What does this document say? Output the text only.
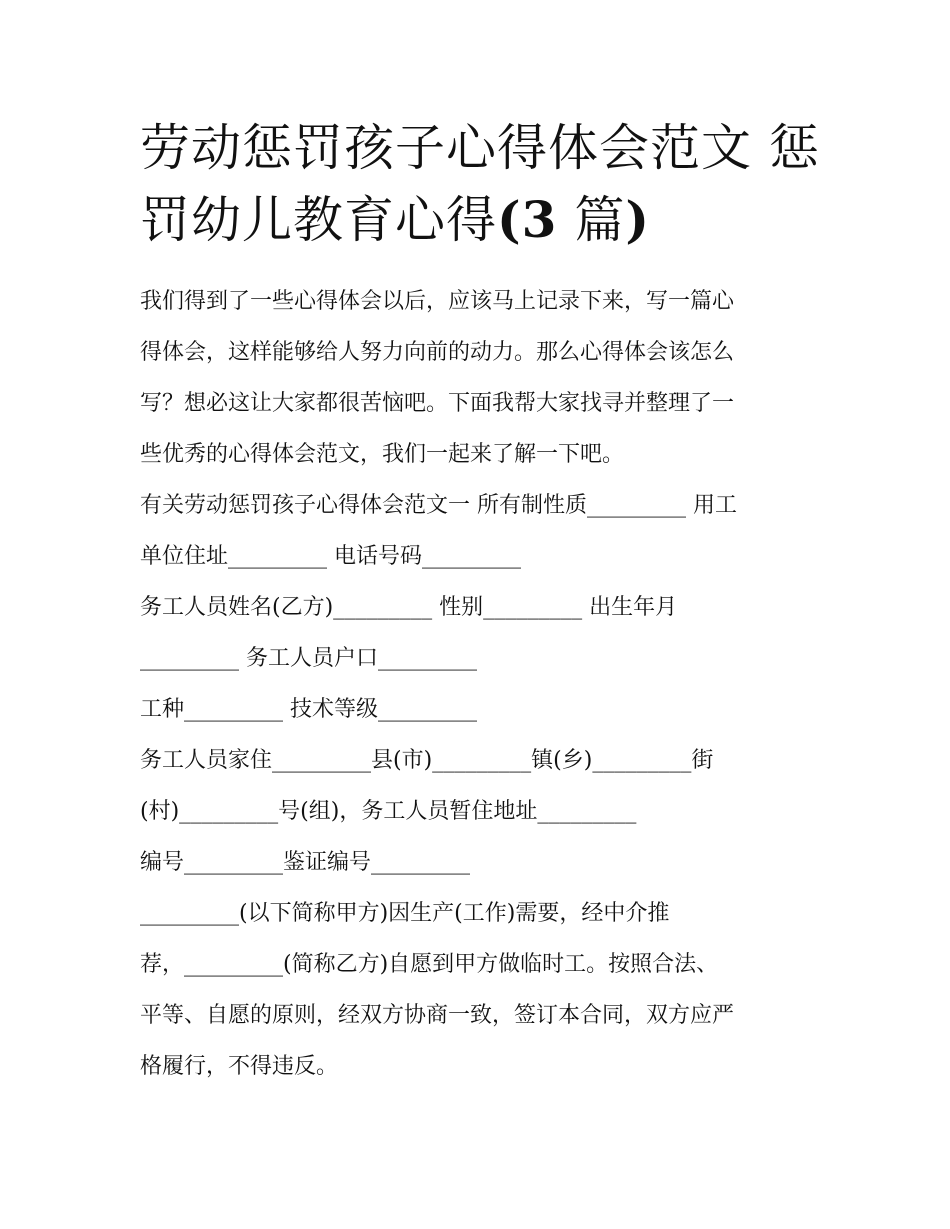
劳动惩罚孩子心得体会范文 惩罚幼儿教育心得(3 篇)

我们得到了一些心得体会以后，应该马上记录下来，写一篇心
得体会，这样能够给人努力向前的动力。那么心得体会该怎么
写？想必这让大家都很苦恼吧。下面我帮大家找寻并整理了一
些优秀的心得体会范文，我们一起来了解一下吧。

有关劳动惩罚孩子心得体会范文一 所有制性质_________ 用工
单位住址_________ 电话号码_________
务工人员姓名(乙方)_________ 性别_________ 出生年月
_________ 务工人员户口_________
工种_________ 技术等级_________
务工人员家住_________县(市)_________镇(乡)_________街
(村)_________号(组)，务工人员暂住地址_________
编号_________鉴证编号_________
_________(以下简称甲方)因生产(工作)需要，经中介推
荐，_________(简称乙方)自愿到甲方做临时工。按照合法、
平等、自愿的原则，经双方协商一致，签订本合同，双方应严
格履行，不得违反。
